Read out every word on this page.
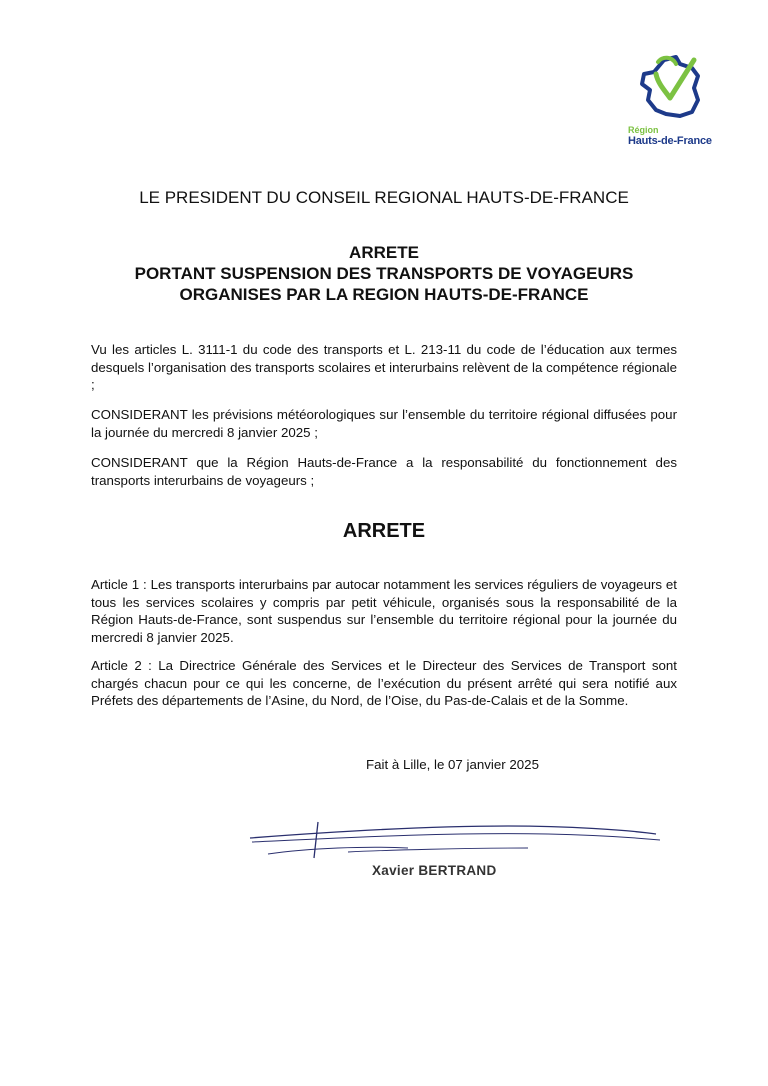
Région
Hauts-de-France
LE PRESIDENT DU CONSEIL REGIONAL HAUTS-DE-FRANCE
ARRETE
PORTANT SUSPENSION DES TRANSPORTS DE VOYAGEURS
ORGANISES PAR LA REGION HAUTS-DE-FRANCE

Vu les articles L. 3111-1 du code des transports et L. 213-11 du code de l’éducation aux termes desquels l’organisation des transports scolaires et interurbains relèvent de la compétence régionale ;

CONSIDERANT les prévisions météorologiques sur l’ensemble du territoire régional diffusées pour la journée du mercredi 8 janvier 2025 ;

CONSIDERANT que la Région Hauts-de-France a la responsabilité du fonctionnement des transports interurbains de voyageurs ;

ARRETE

Article 1 : Les transports interurbains par autocar notamment les services réguliers de voyageurs et tous les services scolaires y compris par petit véhicule, organisés sous la responsabilité de la Région Hauts-de-France, sont suspendus sur l’ensemble du territoire régional pour la journée du mercredi 8 janvier 2025.

Article 2 : La Directrice Générale des Services et le Directeur des Services de Transport sont chargés chacun pour ce qui les concerne, de l’exécution du présent arrêté qui sera notifié aux Préfets des départements de l’Asine, du Nord, de l’Oise, du Pas-de-Calais et de la Somme.

Fait à Lille, le 07 janvier 2025
Xavier BERTRAND
